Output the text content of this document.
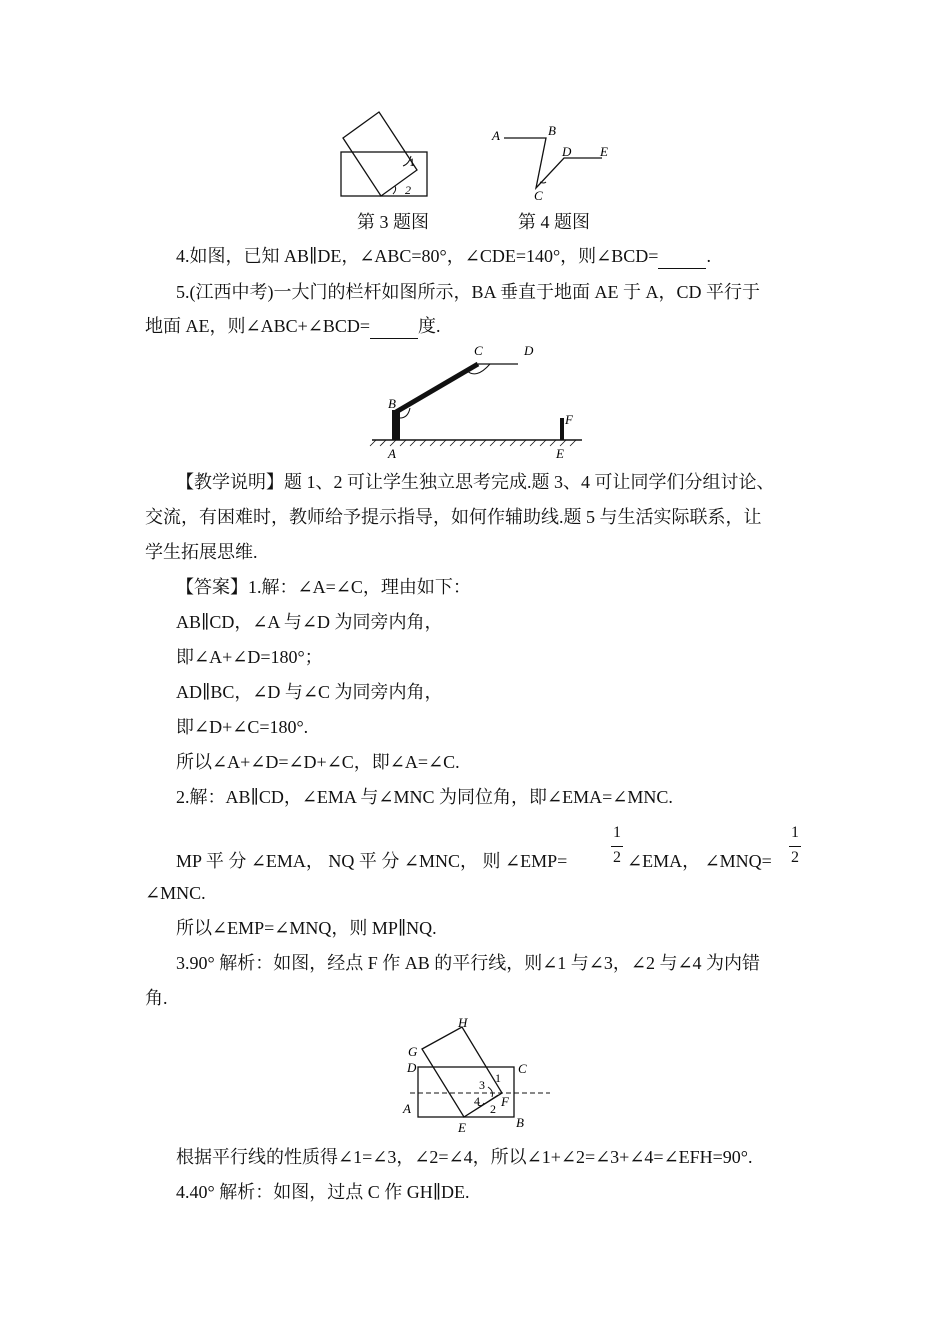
1
2
A	B
C
D E
第 3 题图	第 4 题图
4.如图，已知 AB∥DE，∠ABC=80°，∠CDE=140°，则∠BCD=	.
5.(江西中考)一大门的栏杆如图所示，BA 垂直于地面 AE 于 A，CD 平行于
地面 AE，则∠ABC+∠BCD=	度.
A
B
C	D
E
F
【教学说明】题 1、2 可让学生独立思考完成.题 3、4 可让同学们分组讨论、
交流，有困难时，教师给予提示指导，如何作辅助线.题 5 与生活实际联系，让
学生拓展思维.
【答案】1.解：∠A=∠C，理由如下：
AB∥CD，∠A 与∠D 为同旁内角，
即∠A+∠D=180°；
AD∥BC，∠D 与∠C 为同旁内角，
即∠D+∠C=180°.
所以∠A+∠D=∠D+∠C，即∠A=∠C.
2.解：AB∥CD，∠EMA 与∠MNC 为同位角，即∠EMA=∠MNC.
MP 平 分 ∠EMA， NQ 平 分 ∠MNC， 则 ∠EMP=
1
2 ∠EMA， ∠MNQ=
1
2
∠MNC.
所以∠EMP=∠MNQ，则 MP∥NQ.
3.90° 解析：如图，经点 F 作 AB 的平行线，则∠1 与∠3，∠2 与∠4 为内错
角.
A
B
C
D
E
F
G
H
1
2
3
4
根据平行线的性质得∠1=∠3，∠2=∠4，所以∠1+∠2=∠3+∠4=∠EFH=90°.
4.40° 解析：如图，过点 C 作 GH∥DE.
